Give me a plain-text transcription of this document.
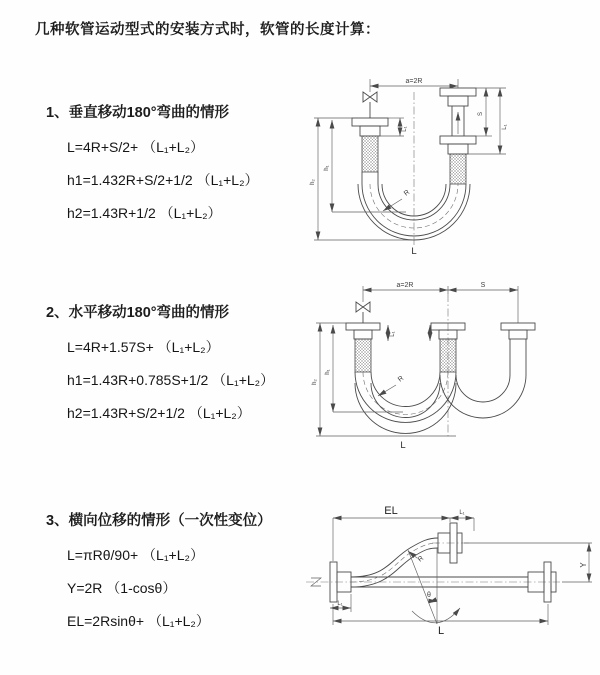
几种软管运动型式的安装方式时，软管的长度计算：
1、垂直移动180°弯曲的情形
L=4R+S/2+ （L₁+L₂）
h1=1.432R+S/2+1/2 （L₁+L₂）
h2=1.43R+1/2 （L₁+L₂）
2、水平移动180°弯曲的情形
L=4R+1.57S+ （L₁+L₂）
h1=1.43R+0.785S+1/2 （L₁+L₂）
h2=1.43R+S/2+1/2 （L₁+L₂）
3、横向位移的情形（一次性变位）
L=πRθ/90+ （L₁+L₂）
Y=2R （1-cosθ）
EL=2Rsinθ+ （L₁+L₂）
a=2R
h₂
h₁
L₁
S
L₁
R
L
a=2R	S
h₂
h₁
L₁
R
L
EL	L₁
Y
L
L₁
θ
R
